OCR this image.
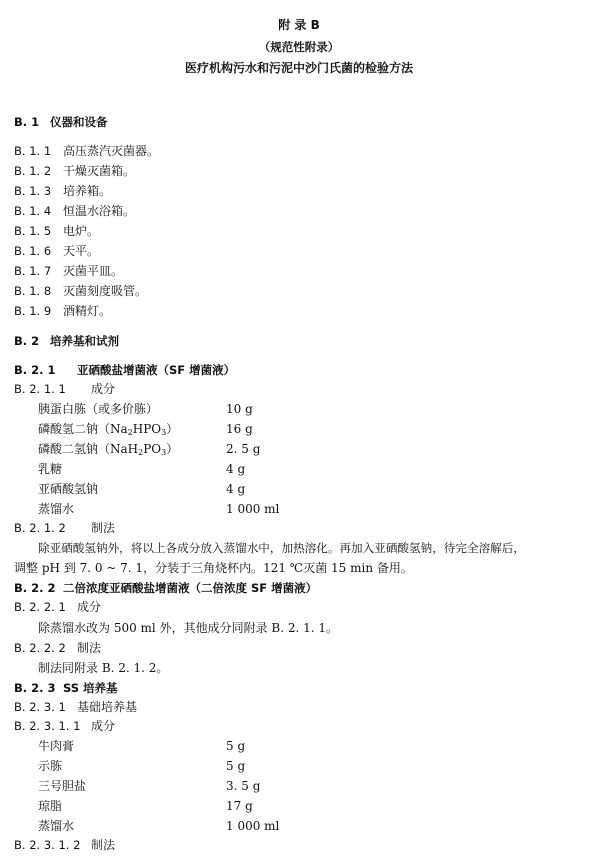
附 录 B
（规范性附录）
医疗机构污水和污泥中沙门氏菌的检验方法
B. 1 仪器和设备
B. 1. 1 高压蒸汽灭菌器。
B. 1. 2 干燥灭菌箱。
B. 1. 3 培养箱。
B. 1. 4 恒温水浴箱。
B. 1. 5 电炉。
B. 1. 6 天平。
B. 1. 7 灭菌平皿。
B. 1. 8 灭菌刻度吸管。
B. 1. 9 酒精灯。
B. 2 培养基和试剂
B. 2. 1 亚硒酸盐增菌液（SF 增菌液）
B. 2. 1. 1 成分
胰蛋白胨（或多价胨）	10 g
磷酸氢二钠$(Na_2HPO_3)$	16 g
磷酸二氢钠$(NaH_2PO_3)$	2. 5 g
乳糖	4 g
亚硒酸氢钠	4 g
蒸馏水	1 000 ml
B. 2. 1. 2 制法
除亚硒酸氢钠外，将以上各成分放入蒸馏水中，加热溶化。再加入亚硒酸氢钠，待完全溶解后，
调整 pH 到 7. 0 ~ 7. 1，分装于三角烧杯内。121 ℃灭菌 15 min 备用。
B. 2. 2 二倍浓度亚硒酸盐增菌液（二倍浓度 SF 增菌液）
B. 2. 2. 1 成分
除蒸馏水改为 500 ml 外，其他成分同附录 B. 2. 1. 1。
B. 2. 2. 2 制法
制法同附录 B. 2. 1. 2。
B. 2. 3 SS 培养基
B. 2. 3. 1 基础培养基
B. 2. 3. 1. 1 成分
牛肉膏	5 g
示胨	5 g
三号胆盐	3. 5 g
琼脂	17 g
蒸馏水	1 000 ml
B. 2. 3. 1. 2 制法
